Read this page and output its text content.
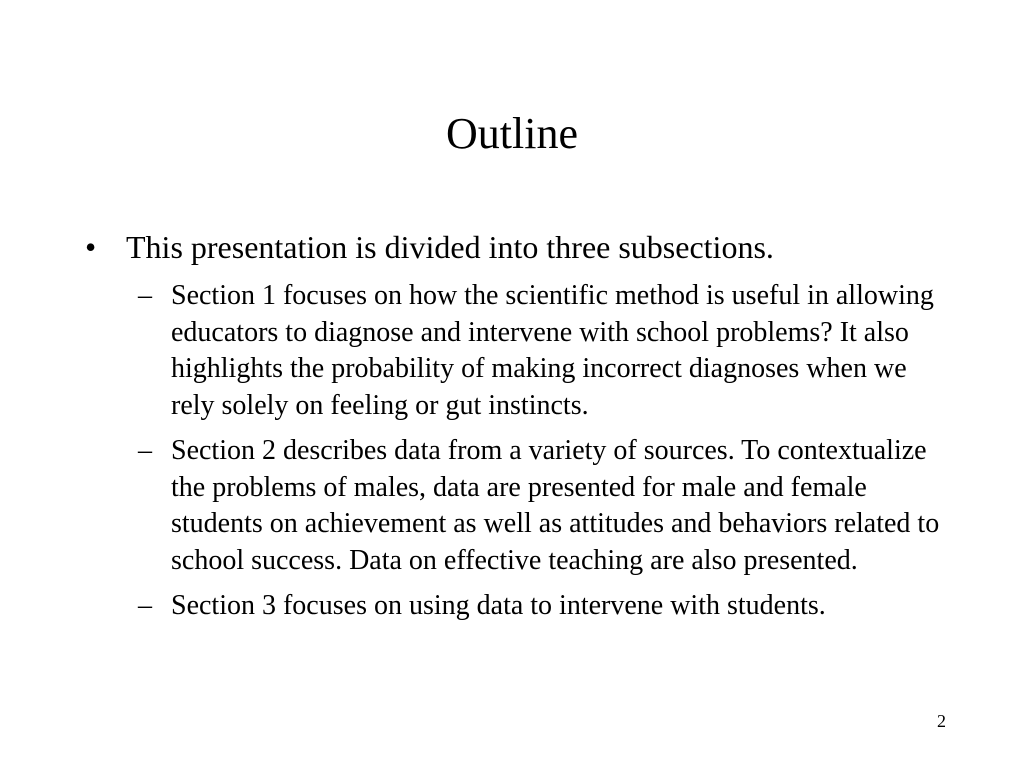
Outline
• This presentation is divided into three subsections.
– Section 1 focuses on how the scientific method is useful in allowing educators to diagnose and intervene with school problems? It also highlights the probability of making incorrect diagnoses when we rely solely on feeling or gut instincts.
– Section 2 describes data from a variety of sources. To contextualize the problems of males, data are presented for male and female students on achievement as well as attitudes and behaviors related to school success. Data on effective teaching are also presented.
– Section 3 focuses on using data to intervene with students.
2
